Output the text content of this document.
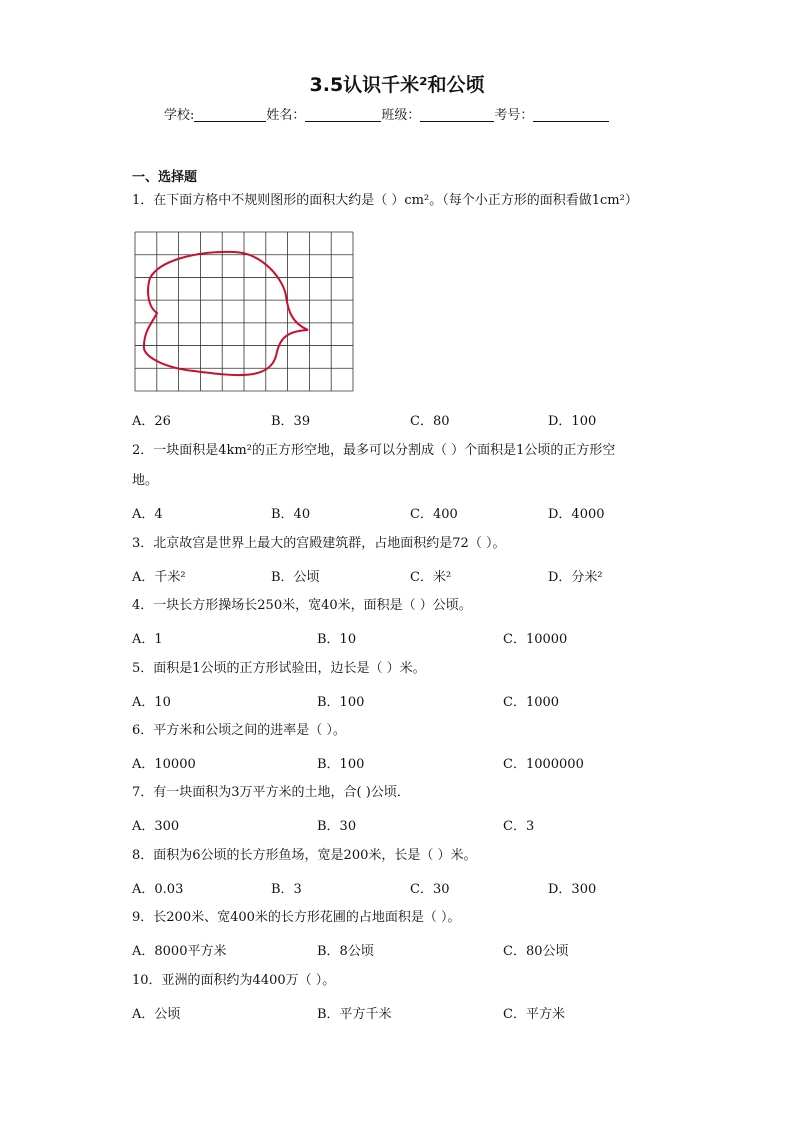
3.5认识千米²和公顷
学校:	姓名：	班级：	考号：
一、选择题
1．在下面方格中不规则图形的面积大约是（ ）cm²。（每个小正方形的面积看做1cm²）
A．26	B．39	C．80	D．100
2．一块面积是4km²的正方形空地，最多可以分割成（ ）个面积是1公顷的正方形空
地。
A．4	B．40	C．400	D．4000
3．北京故宫是世界上最大的宫殿建筑群，占地面积约是72（ ）。
A．千米²	B．公顷	C．米²	D．分米²
4．一块长方形操场长250米，宽40米，面积是（ ）公顷。
A．1	B．10	C．10000
5．面积是1公顷的正方形试验田，边长是（ ）米。
A．10	B．100	C．1000
6．平方米和公顷之间的进率是（ ）。
A．10000	B．100	C．1000000
7．有一块面积为3万平方米的土地，合( )公顷．
A．300	B．30	C．3
8．面积为6公顷的长方形鱼场，宽是200米，长是（ ）米。
A．0.03	B．3	C．30	D．300
9．长200米、宽400米的长方形花圃的占地面积是（ ）。
A．8000平方米	B．8公顷	C．80公顷
10．亚洲的面积约为4400万（ ）。
A．公顷	B．平方千米	C．平方米
